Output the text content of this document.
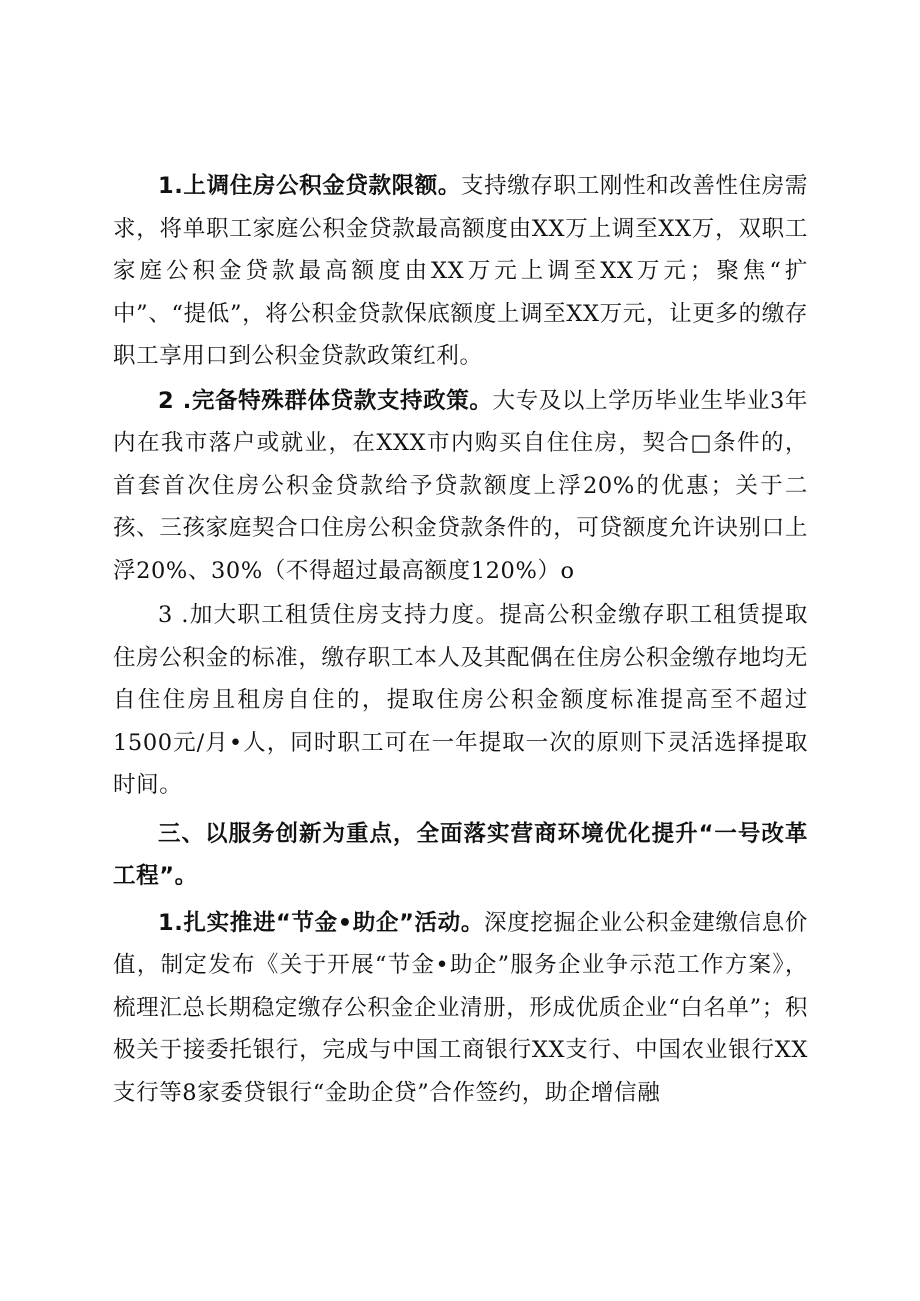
1.上调住房公积金贷款限额。支持缴存职工刚性和改善性住房需求，将单职工家庭公积金贷款最高额度由XX万上调至XX万，双职工家庭公积金贷款最高额度由XX万元上调至XX万元；聚焦“扩中”、“提低”，将公积金贷款保底额度上调至XX万元，让更多的缴存职工享用口到公积金贷款政策红利。

2 .完备特殊群体贷款支持政策。大专及以上学历毕业生毕业3年内在我市落户或就业，在XXX市内购买自住住房，契合□条件的，首套首次住房公积金贷款给予贷款额度上浮20%的优惠；关于二孩、三孩家庭契合口住房公积金贷款条件的，可贷额度允许诀别口上浮20%、30%（不得超过最高额度120%）o

3 .加大职工租赁住房支持力度。提高公积金缴存职工租赁提取住房公积金的标准，缴存职工本人及其配偶在住房公积金缴存地均无自住住房且租房自住的，提取住房公积金额度标准提高至不超过1500元/月•人，同时职工可在一年提取一次的原则下灵活选择提取时间。

三、以服务创新为重点，全面落实营商环境优化提升“一号改革工程”。

1.扎实推进“节金•助企”活动。深度挖掘企业公积金建缴信息价值，制定发布《关于开展“节金•助企”服务企业争示范工作方案》，梳理汇总长期稳定缴存公积金企业清册，形成优质企业“白名单”；积极关于接委托银行，完成与中国工商银行XX支行、中国农业银行XX支行等8家委贷银行“金助企贷”合作签约，助企增信融
